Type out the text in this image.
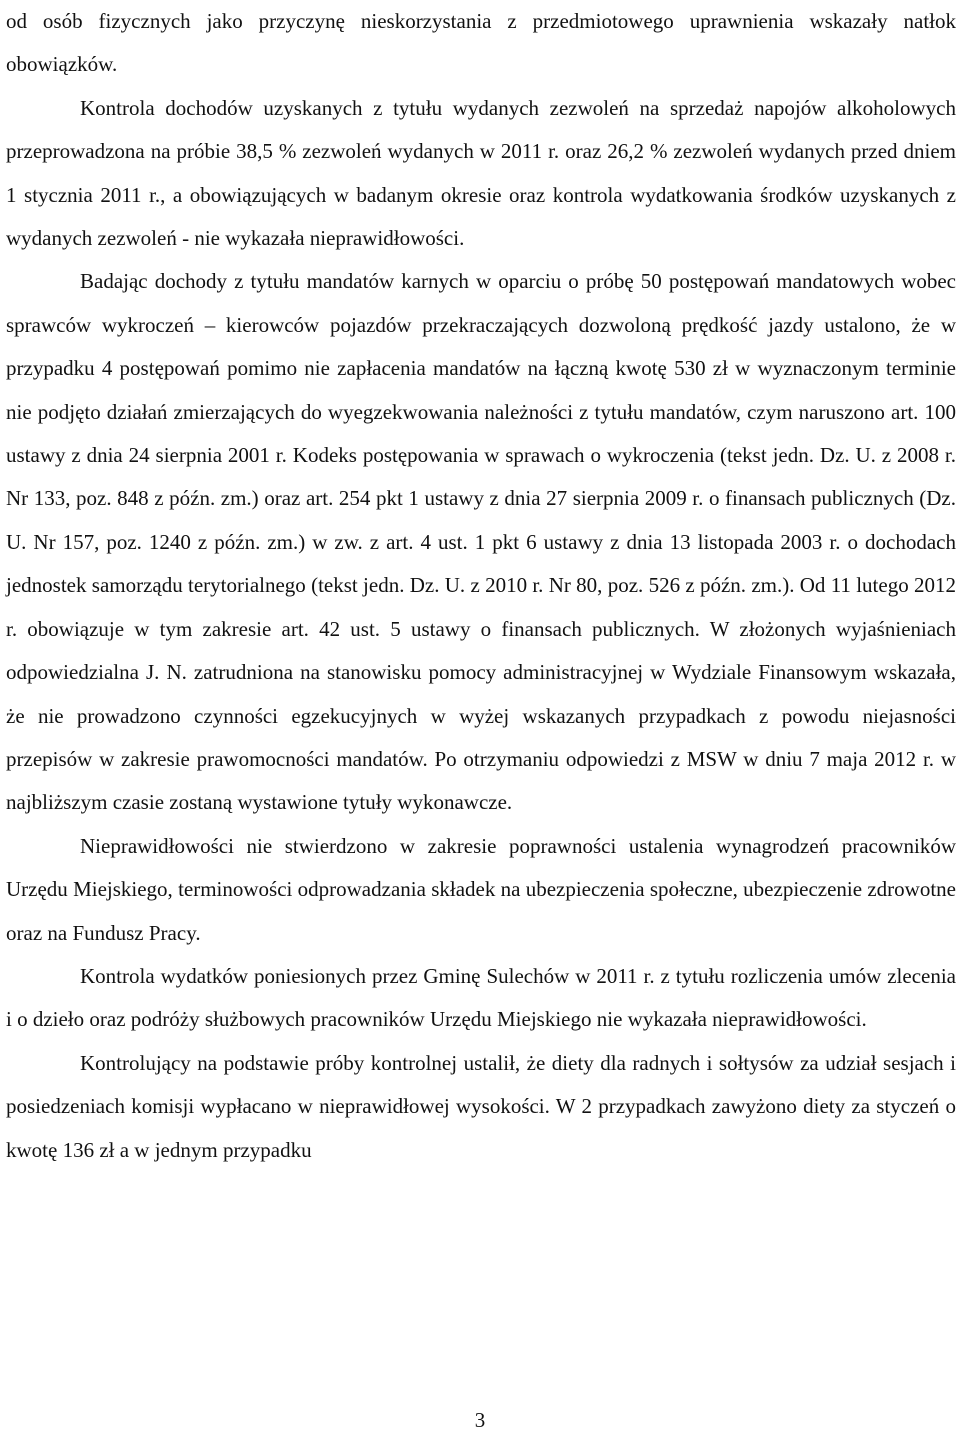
od osób fizycznych jako przyczynę nieskorzystania z przedmiotowego uprawnienia wskazały natłok obowiązków.

Kontrola dochodów uzyskanych z tytułu wydanych zezwoleń na sprzedaż napojów alkoholowych przeprowadzona na próbie 38,5 % zezwoleń wydanych w 2011 r. oraz 26,2 % zezwoleń wydanych przed dniem 1 stycznia 2011 r., a obowiązujących w badanym okresie oraz kontrola wydatkowania środków uzyskanych z wydanych zezwoleń - nie wykazała nieprawidłowości.

Badając dochody z tytułu mandatów karnych w oparciu o próbę 50 postępowań mandatowych wobec sprawców wykroczeń – kierowców pojazdów przekraczających dozwoloną prędkość jazdy ustalono, że w przypadku 4 postępowań pomimo nie zapłacenia mandatów na łączną kwotę 530 zł w wyznaczonym terminie nie podjęto działań zmierzających do wyegzekwowania należności z tytułu mandatów, czym naruszono art. 100 ustawy z dnia 24 sierpnia 2001 r. Kodeks postępowania w sprawach o wykroczenia (tekst jedn. Dz. U. z 2008 r. Nr 133, poz. 848 z późn. zm.) oraz art. 254 pkt 1 ustawy z dnia 27 sierpnia 2009 r. o finansach publicznych (Dz. U. Nr 157, poz. 1240 z późn. zm.) w zw. z art. 4 ust. 1 pkt 6 ustawy z dnia 13 listopada 2003 r. o dochodach jednostek samorządu terytorialnego (tekst jedn. Dz. U. z 2010 r. Nr 80, poz. 526 z późn. zm.). Od 11 lutego 2012 r. obowiązuje w tym zakresie art. 42 ust. 5 ustawy o finansach publicznych. W złożonych wyjaśnieniach odpowiedzialna J. N. zatrudniona na stanowisku pomocy administracyjnej w Wydziale Finansowym wskazała, że nie prowadzono czynności egzekucyjnych w wyżej wskazanych przypadkach z powodu niejasności przepisów w zakresie prawomocności mandatów. Po otrzymaniu odpowiedzi z MSW w dniu 7 maja 2012 r. w najbliższym czasie zostaną wystawione tytuły wykonawcze.

Nieprawidłowości nie stwierdzono w zakresie poprawności ustalenia wynagrodzeń pracowników Urzędu Miejskiego, terminowości odprowadzania składek na ubezpieczenia społeczne, ubezpieczenie zdrowotne oraz na Fundusz Pracy.

Kontrola wydatków poniesionych przez Gminę Sulechów w 2011 r. z tytułu rozliczenia umów zlecenia i o dzieło oraz podróży służbowych pracowników Urzędu Miejskiego nie wykazała nieprawidłowości.

Kontrolujący na podstawie próby kontrolnej ustalił, że diety dla radnych i sołtysów za udział sesjach i posiedzeniach komisji wypłacano w nieprawidłowej wysokości. W 2 przypadkach zawyżono diety za styczeń o kwotę 136 zł a w jednym przypadku

3
